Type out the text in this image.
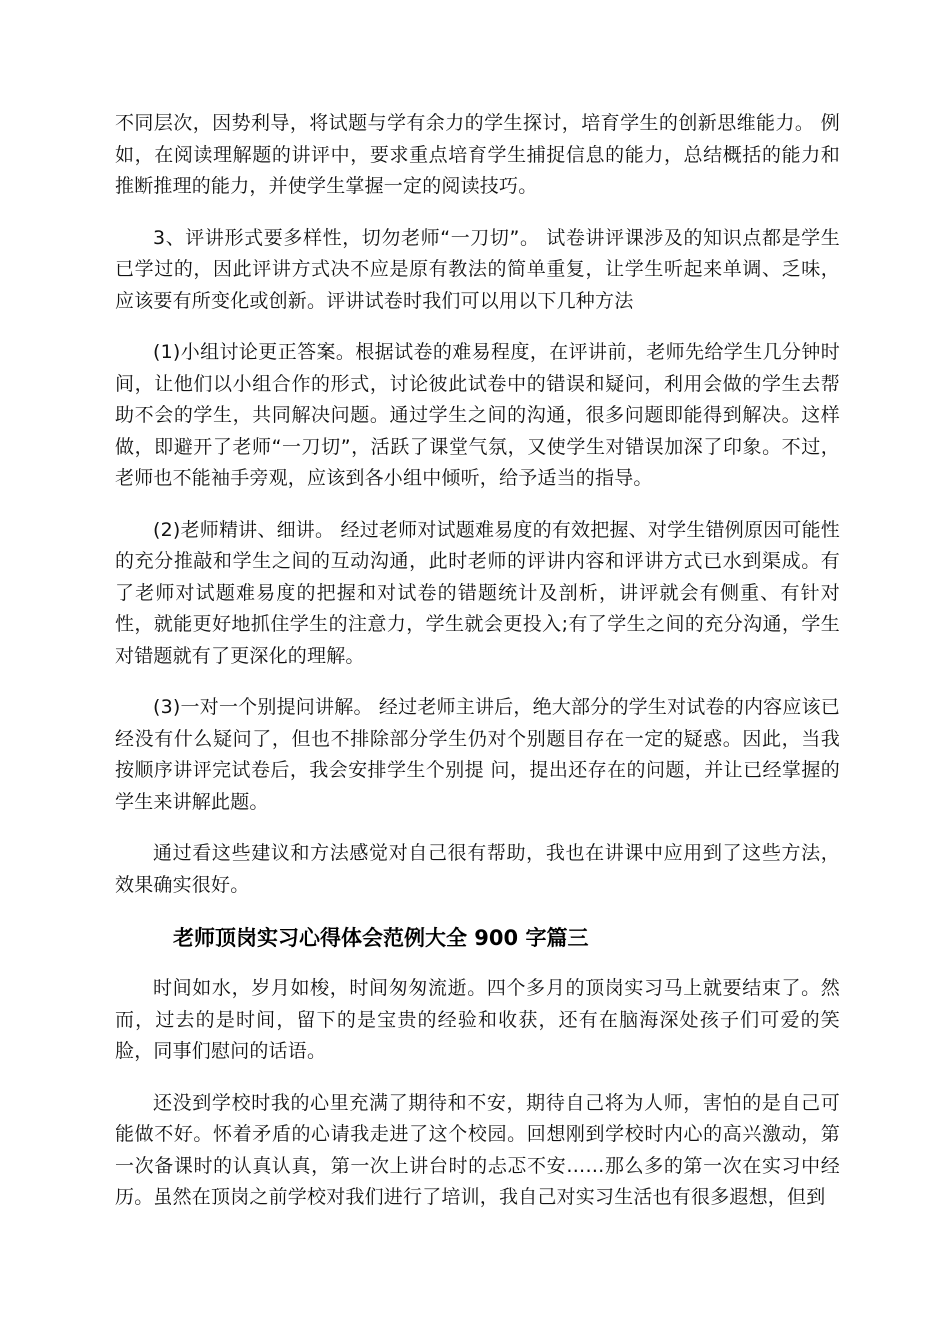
不同层次，因势利导，将试题与学有余力的学生探讨，培育学生的创新思维能力。 例如，在阅读理解题的讲评中，要求重点培育学生捕捉信息的能力，总结概括的能力和推断推理的能力，并使学生掌握一定的阅读技巧。

3、评讲形式要多样性，切勿老师“一刀切”。 试卷讲评课涉及的知识点都是学生已学过的，因此评讲方式决不应是原有教法的简单重复，让学生听起来单调、乏味，应该要有所变化或创新。评讲试卷时我们可以用以下几种方法

(1)小组讨论更正答案。根据试卷的难易程度，在评讲前，老师先给学生几分钟时间，让他们以小组合作的形式，讨论彼此试卷中的错误和疑问，利用会做的学生去帮助不会的学生，共同解决问题。通过学生之间的沟通，很多问题即能得到解决。这样做，即避开了老师“一刀切”，活跃了课堂气氛，又使学生对错误加深了印象。不过，老师也不能袖手旁观，应该到各小组中倾听，给予适当的指导。

(2)老师精讲、细讲。 经过老师对试题难易度的有效把握、对学生错例原因可能性的充分推敲和学生之间的互动沟通，此时老师的评讲内容和评讲方式已水到渠成。有了老师对试题难易度的把握和对试卷的错题统计及剖析，讲评就会有侧重、有针对性，就能更好地抓住学生的注意力，学生就会更投入;有了学生之间的充分沟通，学生对错题就有了更深化的理解。

(3)一对一个别提问讲解。 经过老师主讲后，绝大部分的学生对试卷的内容应该已经没有什么疑问了，但也不排除部分学生仍对个别题目存在一定的疑惑。因此，当我按顺序讲评完试卷后，我会安排学生个别提 问，提出还存在的问题，并让已经掌握的学生来讲解此题。

通过看这些建议和方法感觉对自己很有帮助，我也在讲课中应用到了这些方法，效果确实很好。

老师顶岗实习心得体会范例大全 900 字篇三

时间如水，岁月如梭，时间匆匆流逝。四个多月的顶岗实习马上就要结束了。然而，过去的是时间，留下的是宝贵的经验和收获，还有在脑海深处孩子们可爱的笑脸，同事们慰问的话语。

还没到学校时我的心里充满了期待和不安，期待自己将为人师，害怕的是自己可能做不好。怀着矛盾的心请我走进了这个校园。回想刚到学校时内心的高兴激动，第一次备课时的认真认真，第一次上讲台时的忐忑不安……那么多的第一次在实习中经历。虽然在顶岗之前学校对我们进行了培训，我自己对实习生活也有很多遐想，但到
